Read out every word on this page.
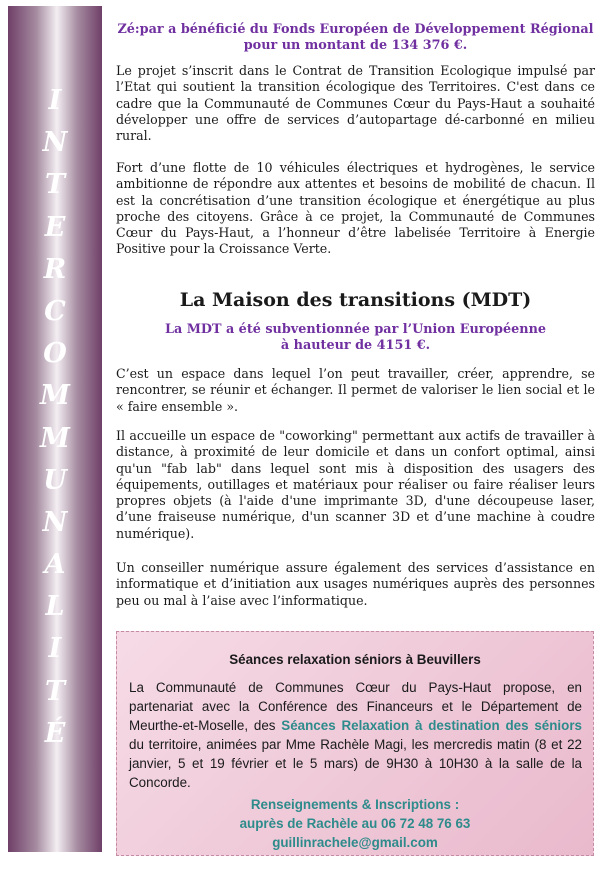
I
N
T
E
R
C
O
M
M
U
N
A
L
I
T
É
Zé:par a bénéficié du Fonds Européen de Développement Régional
pour un montant de 134 376 €.

Le projet s’inscrit dans le Contrat de Transition Ecologique impulsé par l’Etat qui soutient la transition écologique des Territoires. C'est dans ce cadre que la Communauté de Communes Cœur du Pays-Haut a souhaité développer une offre de services d’autopartage dé-carbonné en milieu rural.

Fort d’une flotte de 10 véhicules électriques et hydrogènes, le service ambitionne de répondre aux attentes et besoins de mobilité de chacun. Il est la concrétisation d’une transition écologique et énergétique au plus proche des citoyens. Grâce à ce projet, la Communauté de Communes Cœur du Pays-Haut, a l’honneur d’être labelisée Territoire à Energie Positive pour la Croissance Verte.

La Maison des transitions (MDT)
La MDT a été subventionnée par l’Union Européenne
à hauteur de 4151 €.

C’est un espace dans lequel l’on peut travailler, créer, apprendre, se rencontrer, se réunir et échanger. Il permet de valoriser le lien social et le « faire ensemble ».

Il accueille un espace de "coworking" permettant aux actifs de travailler à distance, à proximité de leur domicile et dans un confort optimal, ainsi qu'un "fab lab" dans lequel sont mis à disposition des usagers des équipements, outillages et matériaux pour réaliser ou faire réaliser leurs propres objets (à l'aide d'une imprimante 3D, d'une découpeuse laser, d’une fraiseuse numérique, d'un scanner 3D et d’une machine à coudre numérique).

Un conseiller numérique assure également des services d’assistance en informatique et d’initiation aux usages numériques auprès des personnes peu ou mal à l’aise avec l’informatique.

Séances relaxation séniors à Beuvillers
La Communauté de Communes Cœur du Pays-Haut propose, en partenariat avec la Conférence des Financeurs et le Département de Meurthe-et-Moselle, des Séances Relaxation à destination des séniors du territoire, animées par Mme Rachèle Magi, les mercredis matin (8 et 22 janvier, 5 et 19 février et le 5 mars) de 9H30 à 10H30 à la salle de la Concorde.
Renseignements & Inscriptions :
auprès de Rachèle au 06 72 48 76 63
guillinrachele@gmail.com
